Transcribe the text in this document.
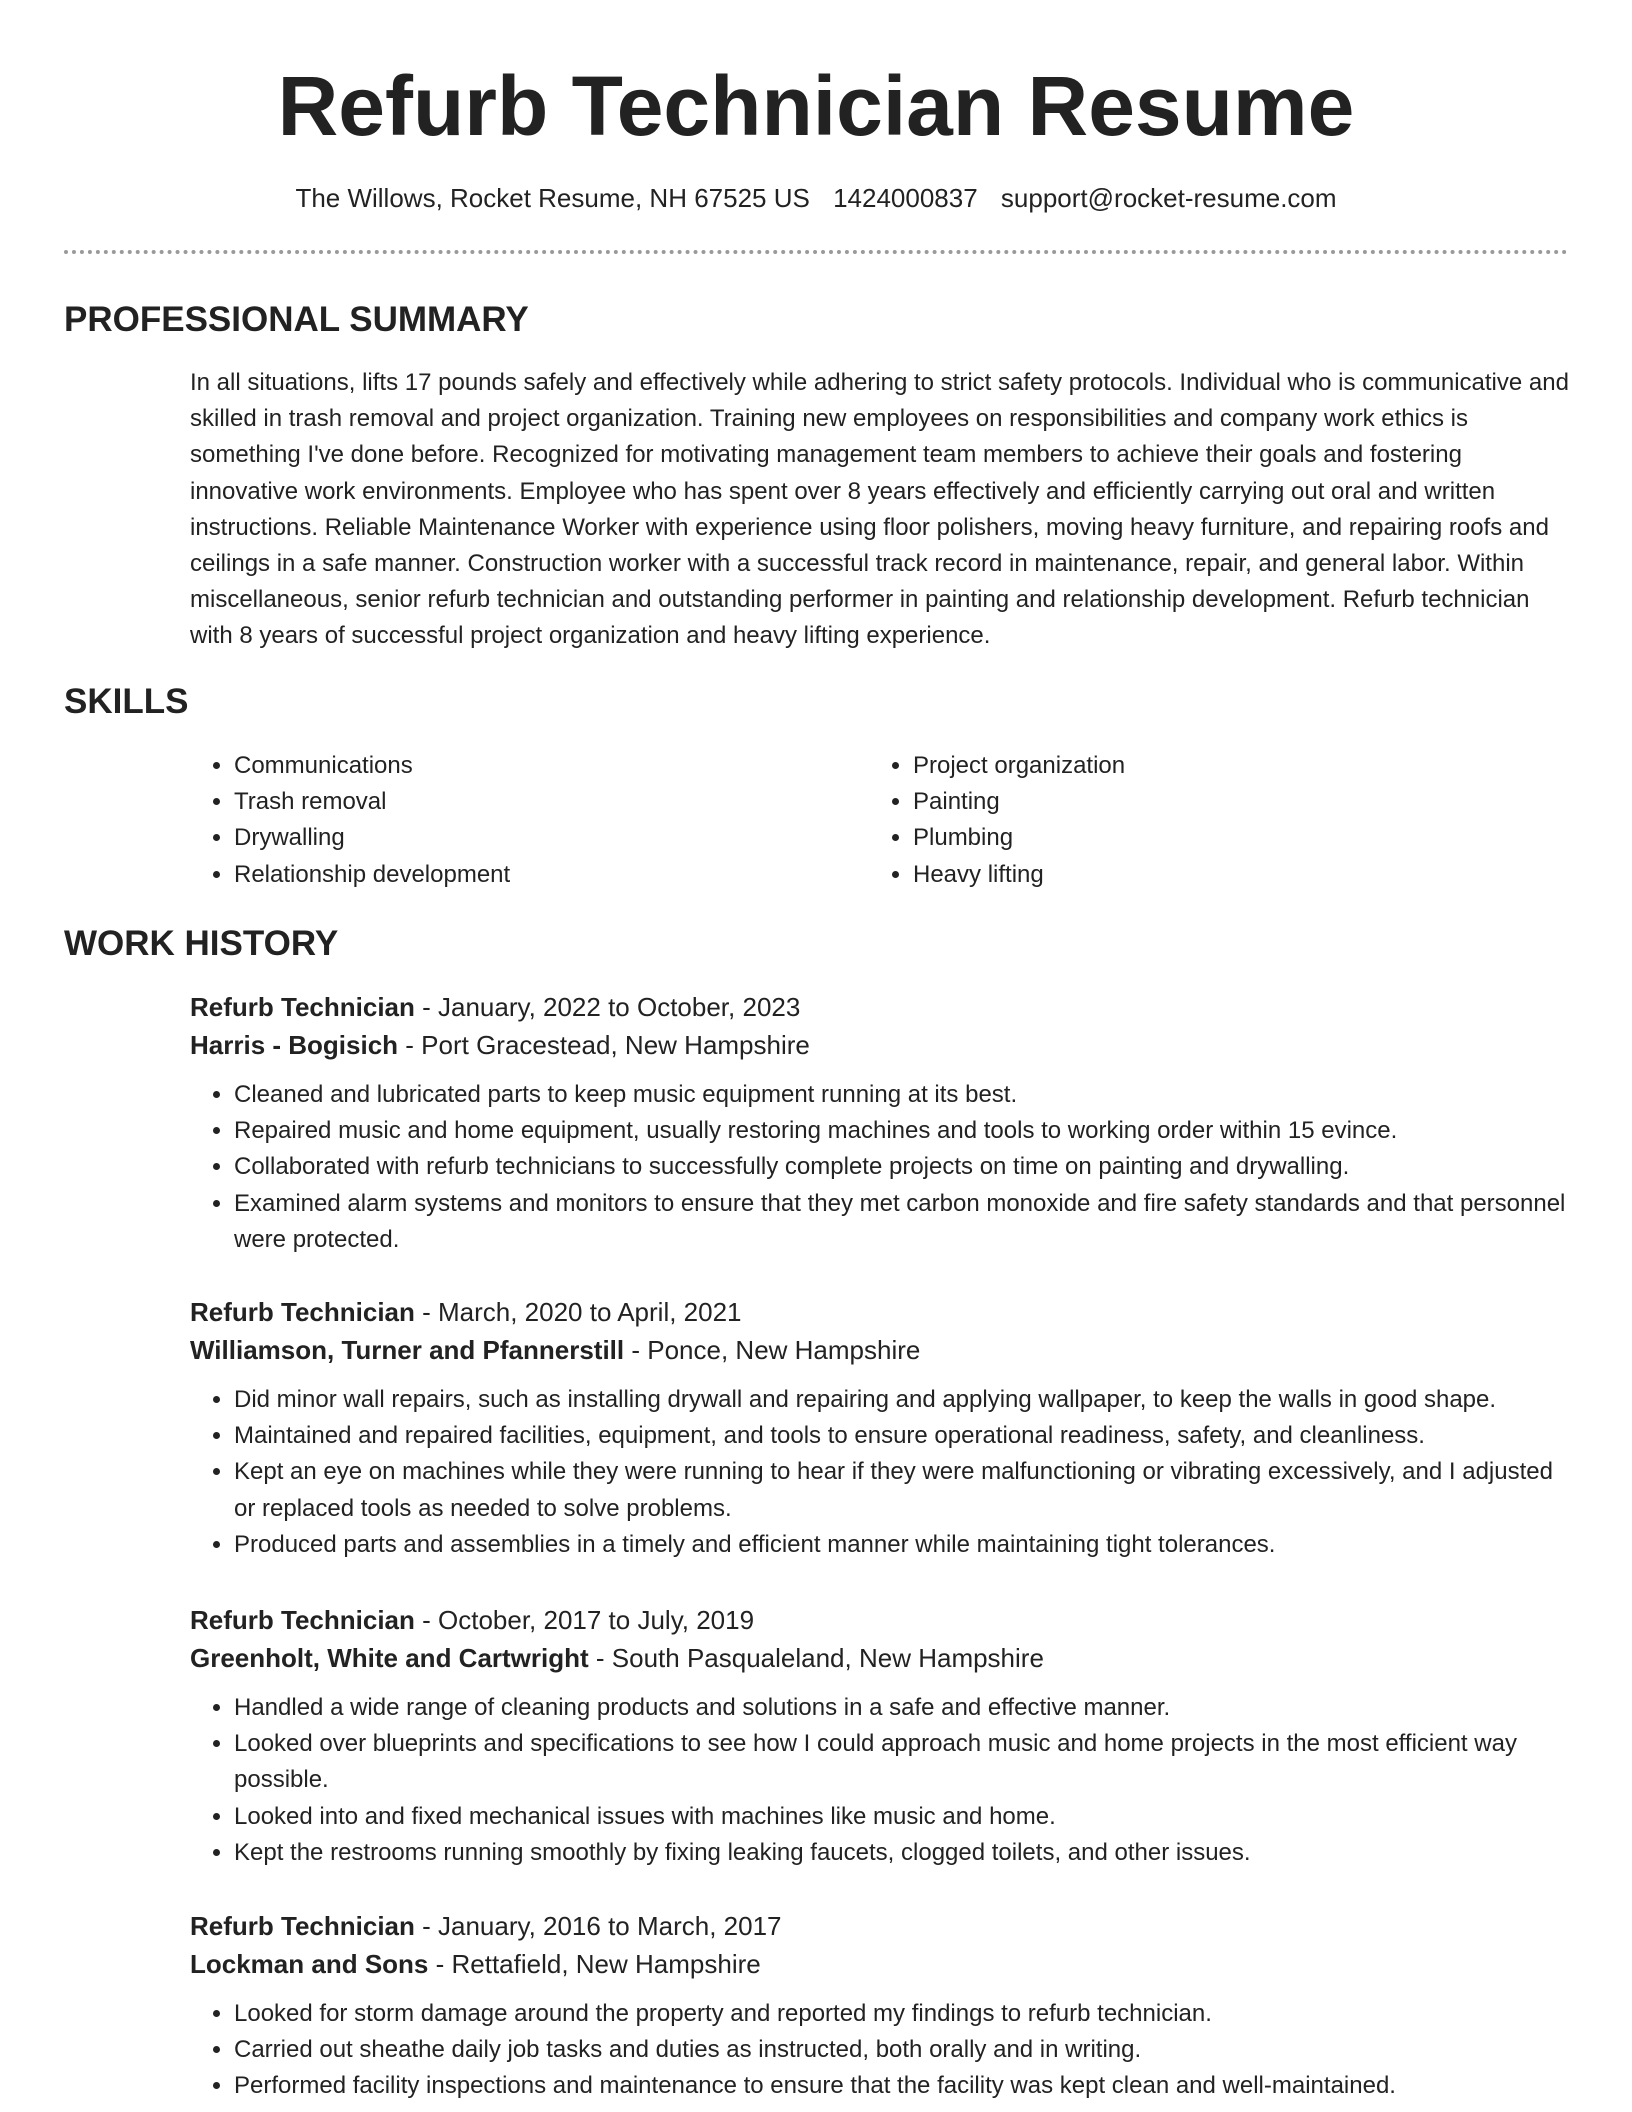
Refurb Technician Resume
The Willows, Rocket Resume, NH 67525 US 1424000837 support@rocket-resume.com
PROFESSIONAL SUMMARY

In all situations, lifts 17 pounds safely and effectively while adhering to strict safety protocols. Individual who is communicative and skilled in trash removal and project organization. Training new employees on responsibilities and company work ethics is something I've done before. Recognized for motivating management team members to achieve their goals and fostering innovative work environments. Employee who has spent over 8 years effectively and efficiently carrying out oral and written instructions. Reliable Maintenance Worker with experience using floor polishers, moving heavy furniture, and repairing roofs and ceilings in a safe manner. Construction worker with a successful track record in maintenance, repair, and general labor. Within miscellaneous, senior refurb technician and outstanding performer in painting and relationship development. Refurb technician with 8 years of successful project organization and heavy lifting experience.

SKILLS
• Communications
• Trash removal
• Drywalling
• Relationship development
• Project organization
• Painting
• Plumbing
• Heavy lifting
WORK HISTORY
Refurb Technician - January, 2022 to October, 2023
Harris - Bogisich - Port Gracestead, New Hampshire
• Cleaned and lubricated parts to keep music equipment running at its best.
• Repaired music and home equipment, usually restoring machines and tools to working order within 15 evince.
• Collaborated with refurb technicians to successfully complete projects on time on painting and drywalling.
• Examined alarm systems and monitors to ensure that they met carbon monoxide and fire safety standards and that personnel were protected.
Refurb Technician - March, 2020 to April, 2021
Williamson, Turner and Pfannerstill - Ponce, New Hampshire
• Did minor wall repairs, such as installing drywall and repairing and applying wallpaper, to keep the walls in good shape.
• Maintained and repaired facilities, equipment, and tools to ensure operational readiness, safety, and cleanliness.
• Kept an eye on machines while they were running to hear if they were malfunctioning or vibrating excessively, and I adjusted or replaced tools as needed to solve problems.
• Produced parts and assemblies in a timely and efficient manner while maintaining tight tolerances.
Refurb Technician - October, 2017 to July, 2019
Greenholt, White and Cartwright - South Pasqualeland, New Hampshire
• Handled a wide range of cleaning products and solutions in a safe and effective manner.
• Looked over blueprints and specifications to see how I could approach music and home projects in the most efficient way possible.
• Looked into and fixed mechanical issues with machines like music and home.
• Kept the restrooms running smoothly by fixing leaking faucets, clogged toilets, and other issues.
Refurb Technician - January, 2016 to March, 2017
Lockman and Sons - Rettafield, New Hampshire
• Looked for storm damage around the property and reported my findings to refurb technician.
• Carried out sheathe daily job tasks and duties as instructed, both orally and in writing.
• Performed facility inspections and maintenance to ensure that the facility was kept clean and well-maintained.
